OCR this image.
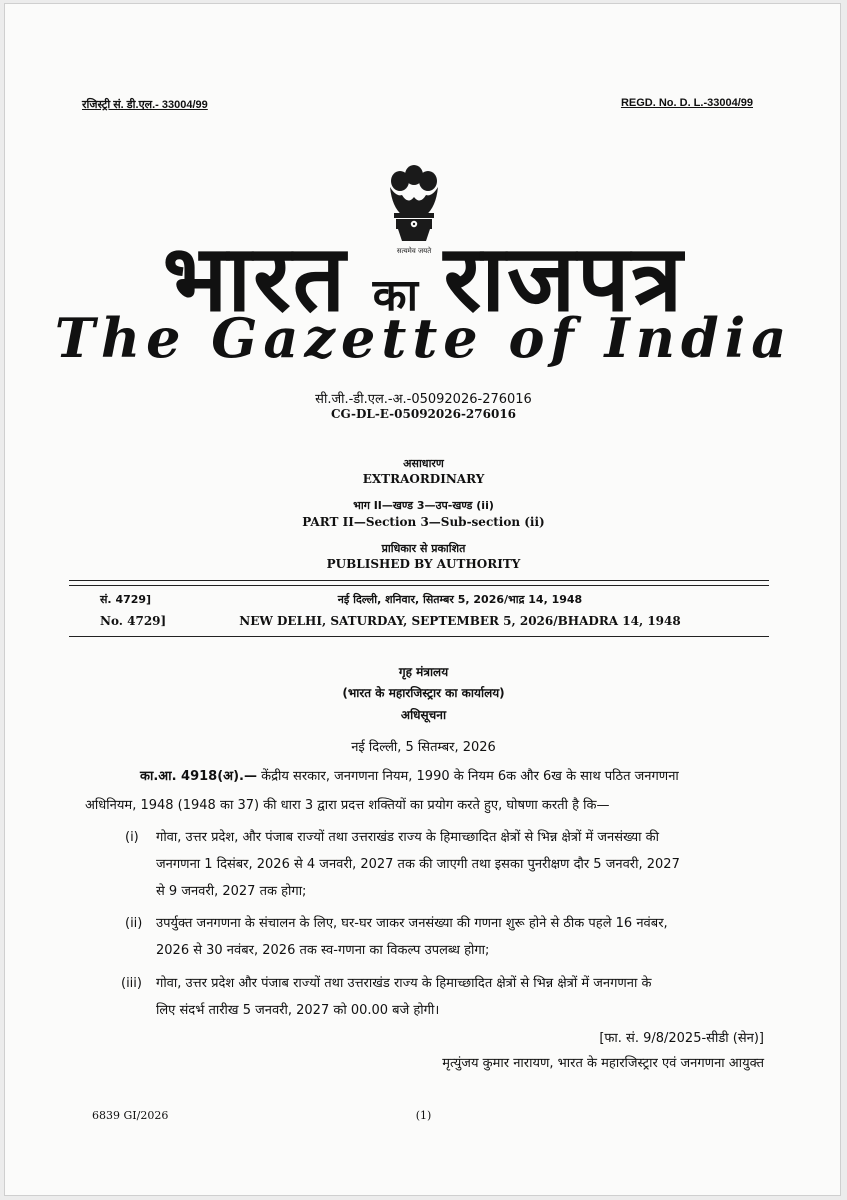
रजिस्ट्री सं. डी.एल.- 33004/99	REGD. No. D. L.-33004/99
सत्यमेव जयते
भारत का राजपत्र
The Gazette of India
सी.जी.-डी.एल.-अ.-05092026-276016
CG-DL-E-05092026-276016
असाधारण
EXTRAORDINARY
भाग II—खण्ड 3—उप-खण्ड (ii)
PART II—Section 3—Sub-section (ii)
प्राधिकार से प्रकाशित
PUBLISHED BY AUTHORITY
सं. 4729]	नई दिल्ली, शनिवार, सितम्बर 5, 2026/भाद्र 14, 1948
No. 4729]	NEW DELHI, SATURDAY, SEPTEMBER 5, 2026/BHADRA 14, 1948
गृह मंत्रालय
(भारत के महारजिस्ट्रार का कार्यालय)
अधिसूचना
नई दिल्ली, 5 सितम्बर, 2026
का.आ. 4918(अ).— केंद्रीय सरकार, जनगणना नियम, 1990 के नियम 6क और 6ख के साथ पठित जनगणना
अधिनियम, 1948 (1948 का 37) की धारा 3 द्वारा प्रदत्त शक्तियों का प्रयोग करते हुए, घोषणा करती है कि—
(i) गोवा, उत्तर प्रदेश, और पंजाब राज्यों तथा उत्तराखंड राज्य के हिमाच्छादित क्षेत्रों से भिन्न क्षेत्रों में जनसंख्या की
जनगणना 1 दिसंबर, 2026 से 4 जनवरी, 2027 तक की जाएगी तथा इसका पुनरीक्षण दौर 5 जनवरी, 2027
से 9 जनवरी, 2027 तक होगा;
(ii) उपर्युक्त जनगणना के संचालन के लिए, घर-घर जाकर जनसंख्या की गणना शुरू होने से ठीक पहले 16 नवंबर,
2026 से 30 नवंबर, 2026 तक स्व-गणना का विकल्प उपलब्ध होगा;
(iii) गोवा, उत्तर प्रदेश और पंजाब राज्यों तथा उत्तराखंड राज्य के हिमाच्छादित क्षेत्रों से भिन्न क्षेत्रों में जनगणना के
लिए संदर्भ तारीख 5 जनवरी, 2027 को 00.00 बजे होगी।
[फा. सं. 9/8/2025-सीडी (सेन)]
मृत्युंजय कुमार नारायण, भारत के महारजिस्ट्रार एवं जनगणना आयुक्त
6839 GI/2026	(1)
